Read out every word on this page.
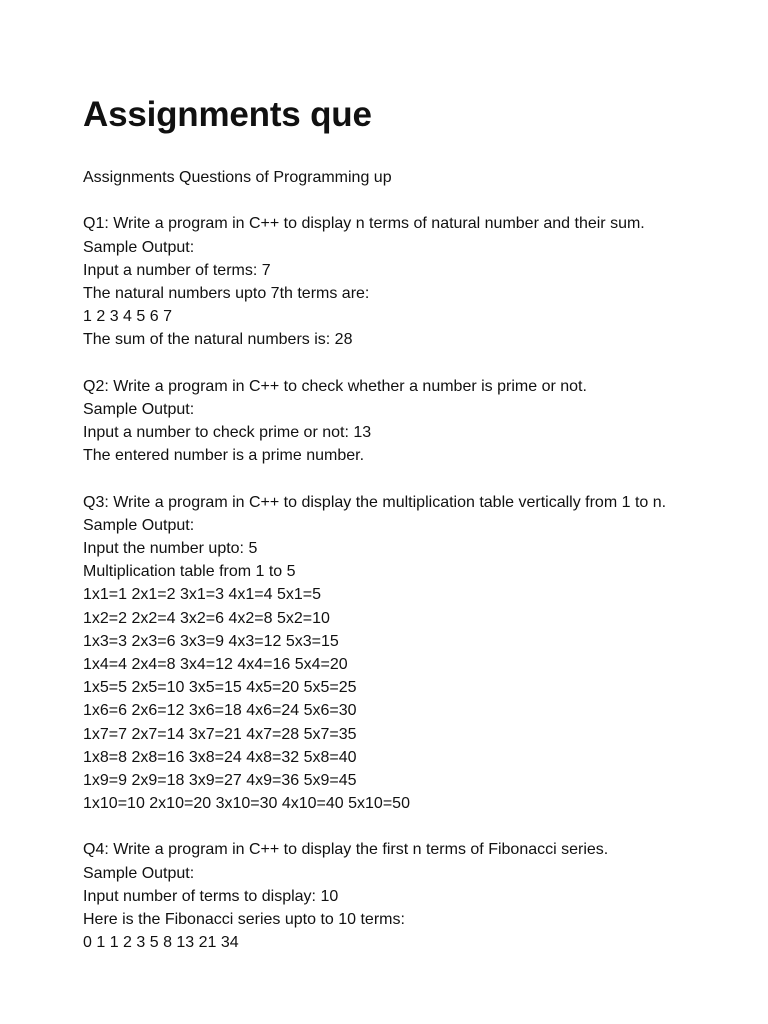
Assignments que
Assignments Questions of Programming up
Q1: Write a program in C++ to display n terms of natural number and their sum.
Sample Output:
Input a number of terms: 7
The natural numbers upto 7th terms are:
1 2 3 4 5 6 7
The sum of the natural numbers is: 28
Q2: Write a program in C++ to check whether a number is prime or not.
Sample Output:
Input a number to check prime or not: 13
The entered number is a prime number.
Q3: Write a program in C++ to display the multiplication table vertically from 1 to n.
Sample Output:
Input the number upto: 5
Multiplication table from 1 to 5
1x1=1 2x1=2 3x1=3 4x1=4 5x1=5
1x2=2 2x2=4 3x2=6 4x2=8 5x2=10
1x3=3 2x3=6 3x3=9 4x3=12 5x3=15
1x4=4 2x4=8 3x4=12 4x4=16 5x4=20
1x5=5 2x5=10 3x5=15 4x5=20 5x5=25
1x6=6 2x6=12 3x6=18 4x6=24 5x6=30
1x7=7 2x7=14 3x7=21 4x7=28 5x7=35
1x8=8 2x8=16 3x8=24 4x8=32 5x8=40
1x9=9 2x9=18 3x9=27 4x9=36 5x9=45
1x10=10 2x10=20 3x10=30 4x10=40 5x10=50
Q4: Write a program in C++ to display the first n terms of Fibonacci series.
Sample Output:
Input number of terms to display: 10
Here is the Fibonacci series upto to 10 terms:
0 1 1 2 3 5 8 13 21 34
